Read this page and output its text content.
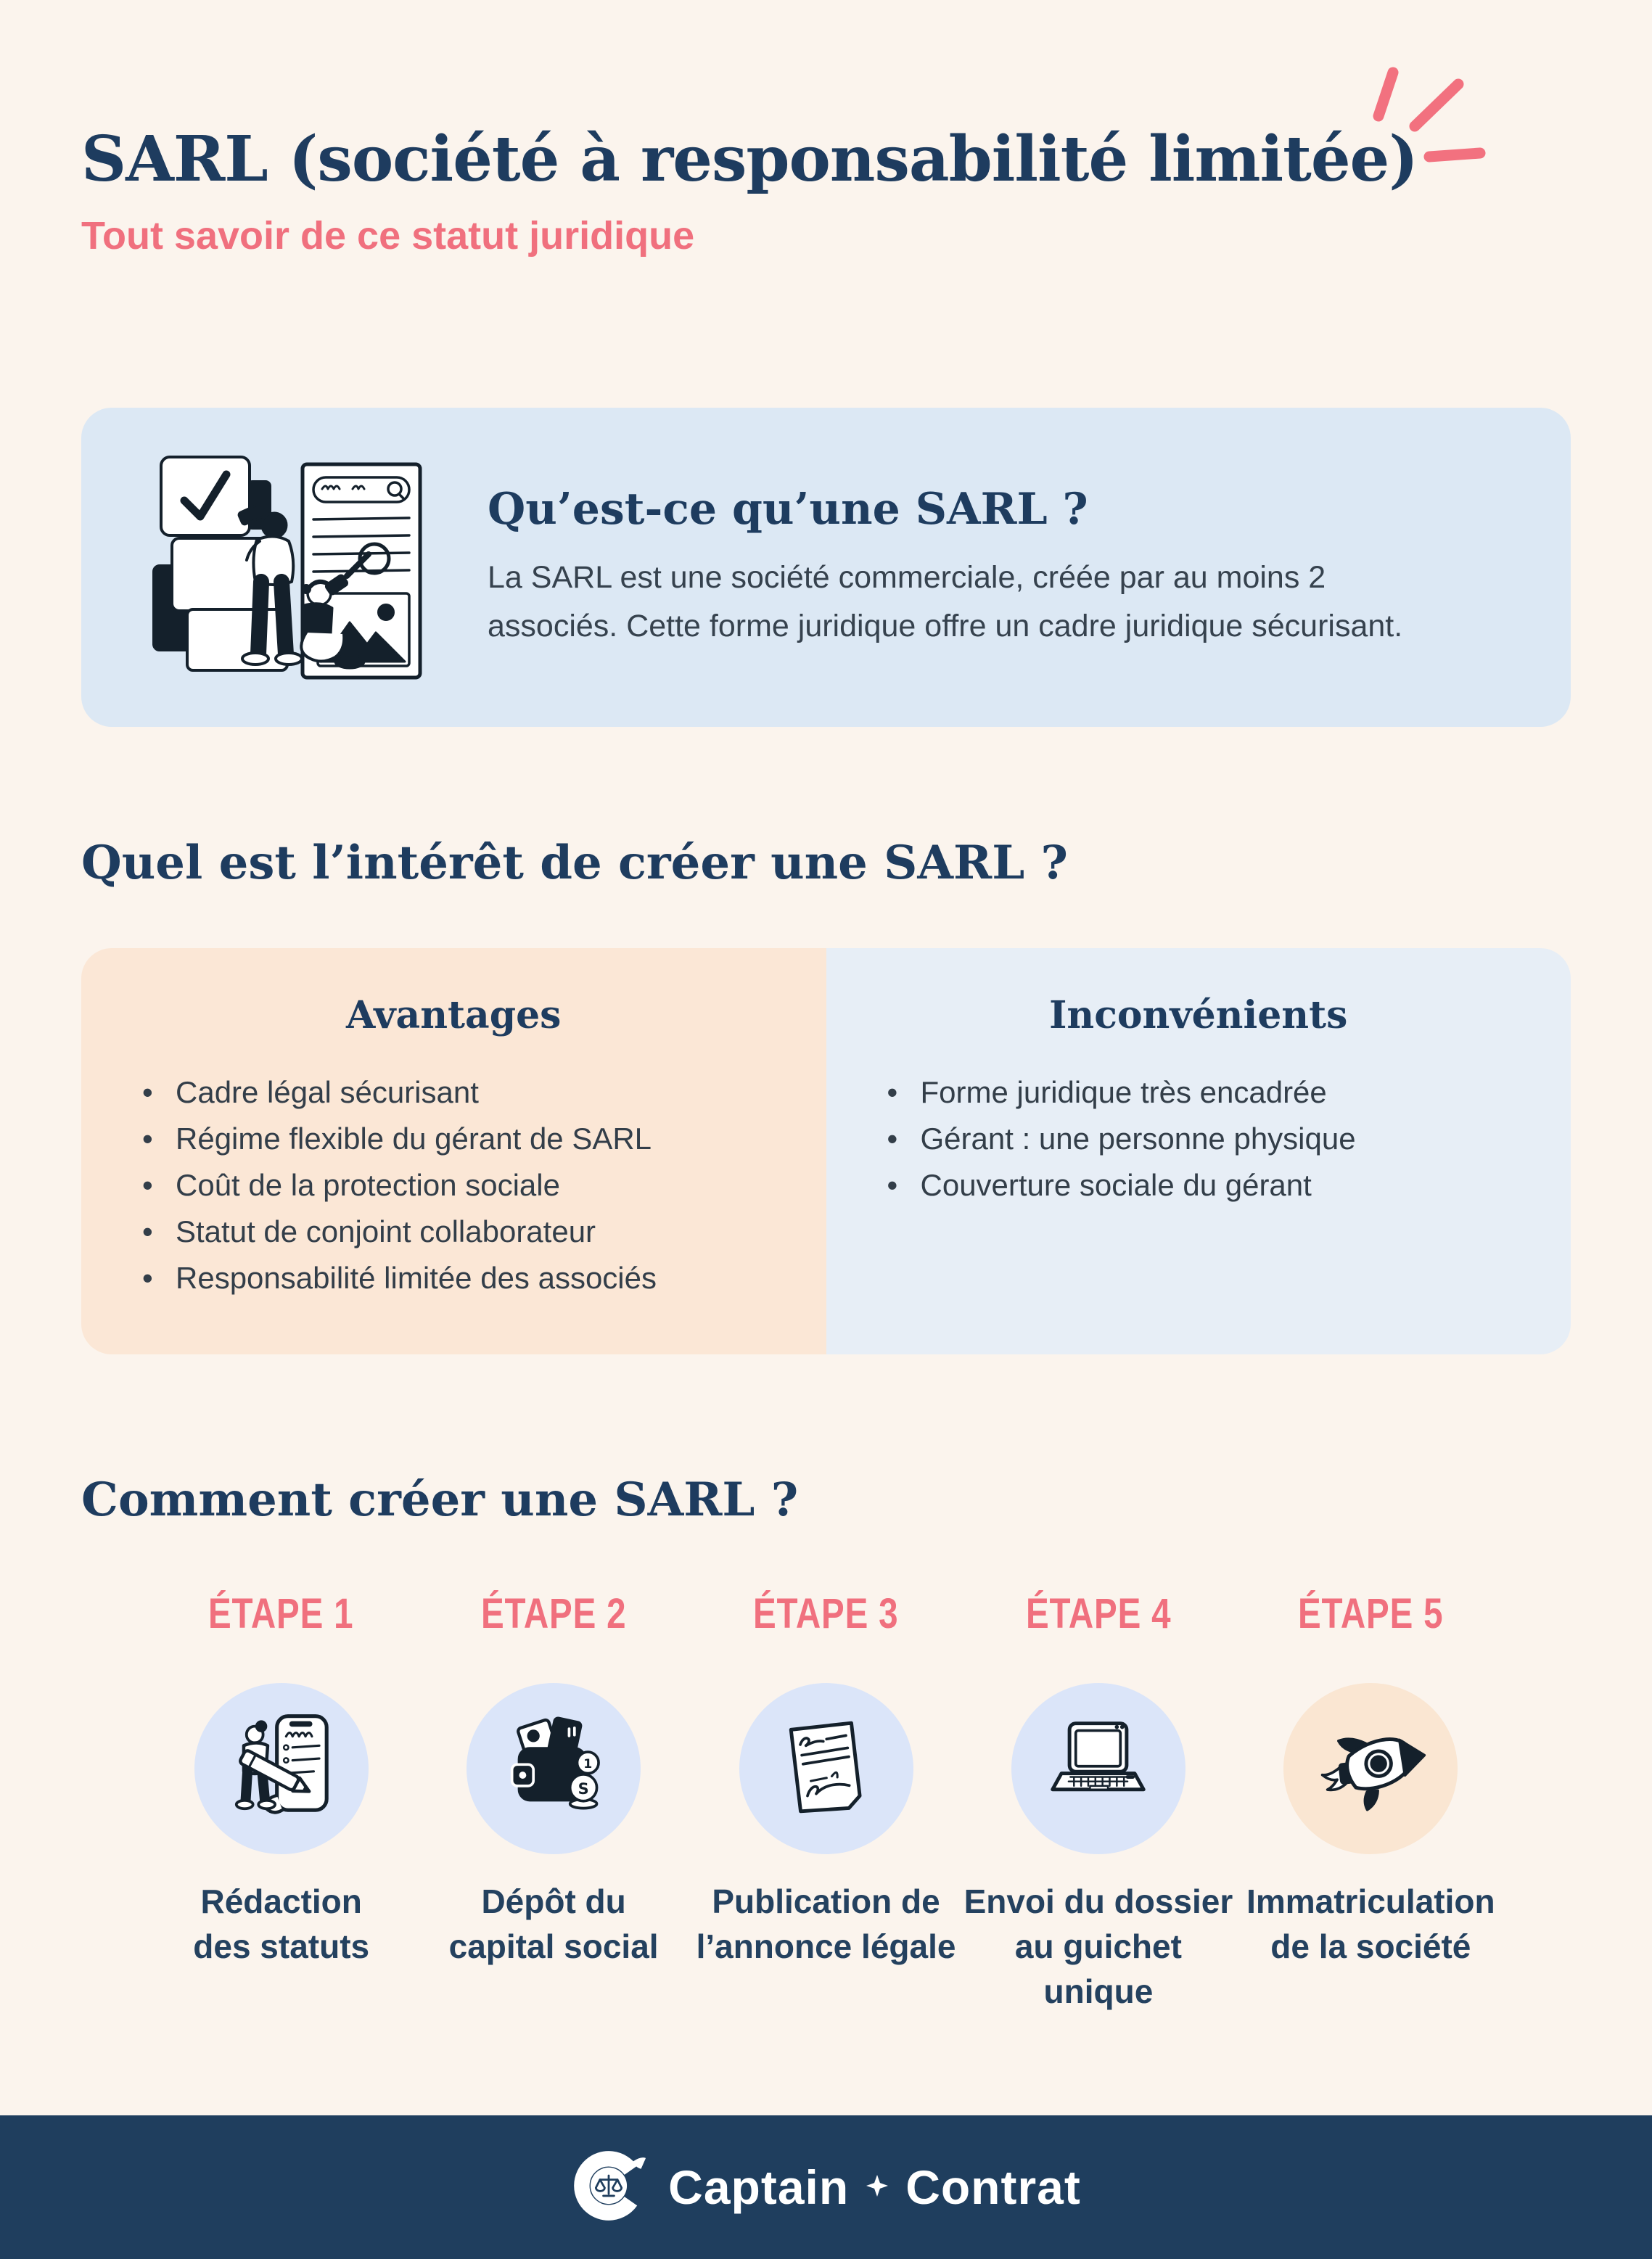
SARL (société à responsabilité limitée)
Tout savoir de ce statut juridique
Qu’est-ce qu’une SARL ?

La SARL est une société commerciale, créée par au moins 2 associés. Cette forme juridique offre un cadre juridique sécurisant.

Quel est l’intérêt de créer une SARL ?
Avantages
• Cadre légal sécurisant
• Régime flexible du gérant de SARL
• Coût de la protection sociale
• Statut de conjoint collaborateur
• Responsabilité limitée des associés
Inconvénients
• Forme juridique très encadrée
• Gérant : une personne physique
• Couverture sociale du gérant
Comment créer une SARL ?
ÉTAPE 1
Rédaction
des statuts
ÉTAPE 2
1
S
Dépôt du
capital social
ÉTAPE 3
Publication de
l’annonce légale
ÉTAPE 4
Envoi du dossier
au guichet unique
ÉTAPE 5
Immatriculation
de la société
Captain Contrat
